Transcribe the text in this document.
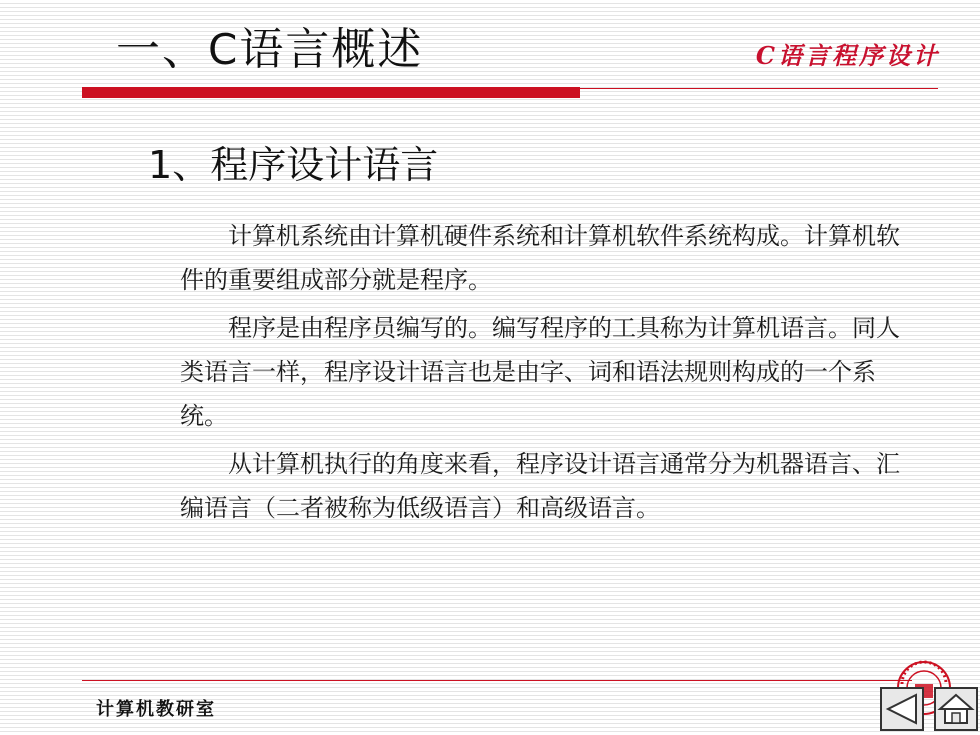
一、C语言概述	C语言程序设计
1、程序设计语言

计算机系统由计算机硬件系统和计算机软件系统构成。计算机软件的重要组成部分就是程序。

程序是由程序员编写的。编写程序的工具称为计算机语言。同人类语言一样，程序设计语言也是由字、词和语法规则构成的一个系统。

从计算机执行的角度来看，程序设计语言通常分为机器语言、汇编语言（二者被称为低级语言）和高级语言。

计算机教研室
